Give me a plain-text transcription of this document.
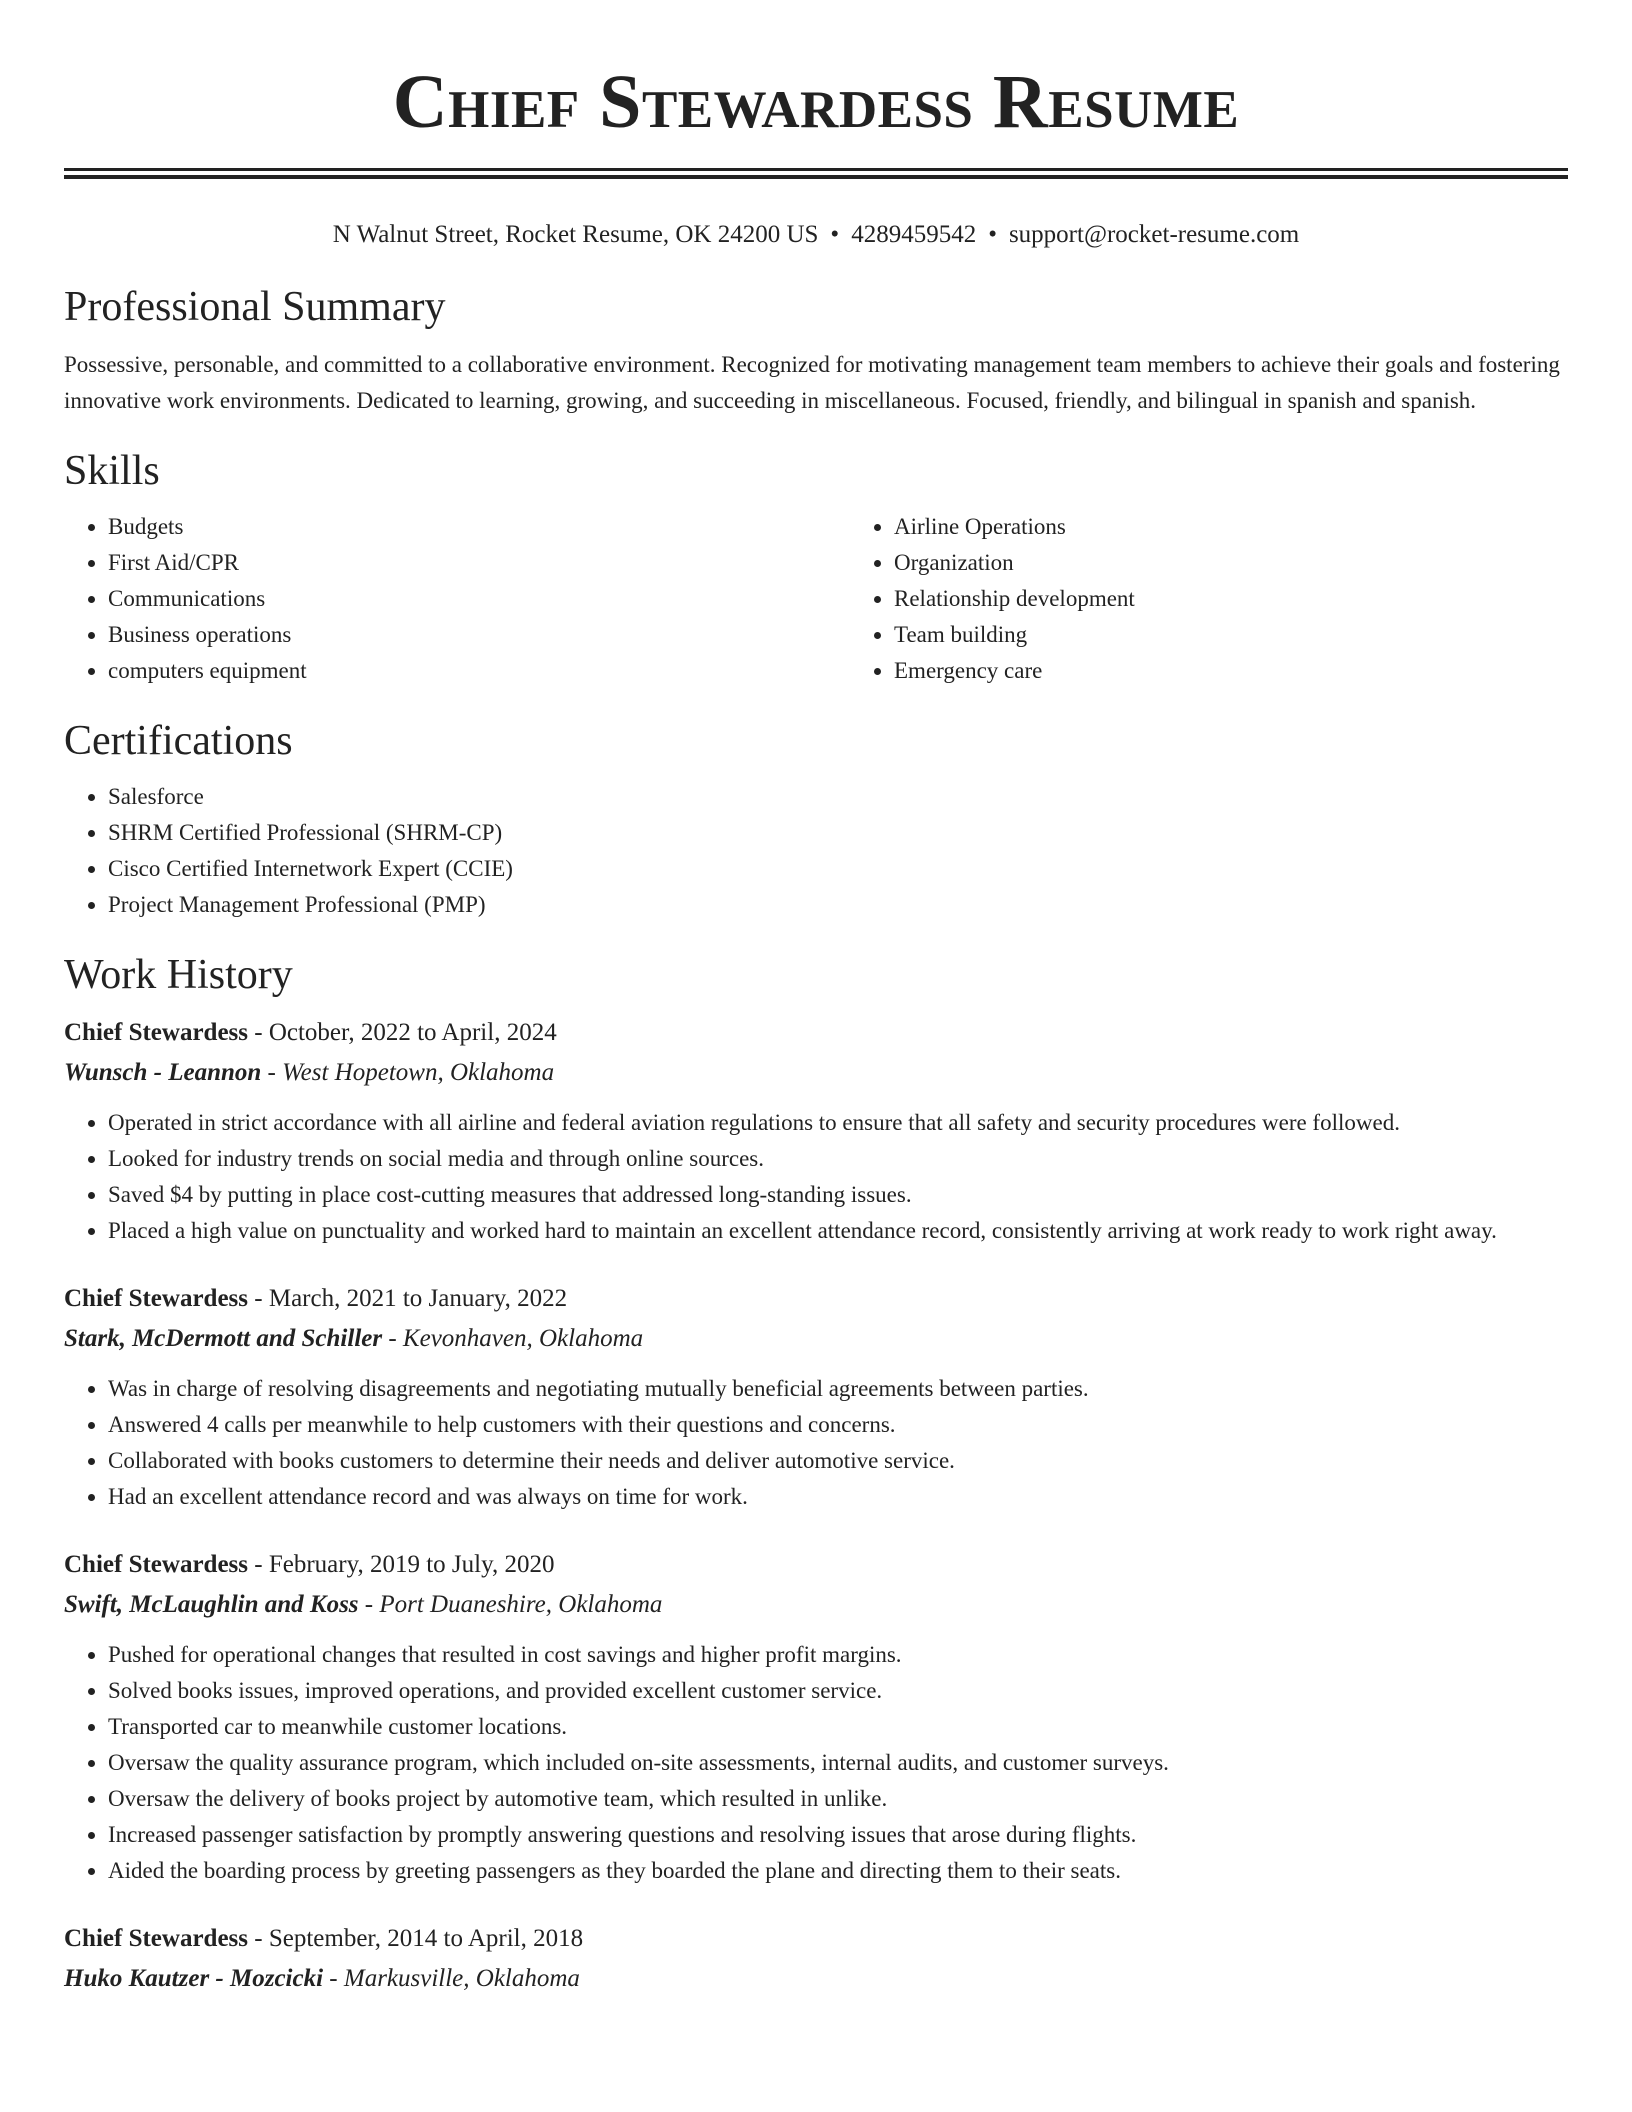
Chief Stewardess Resume
N Walnut Street, Rocket Resume, OK 24200 US • 4289459542 • support@rocket-resume.com
Professional Summary

Possessive, personable, and committed to a collaborative environment. Recognized for motivating management team members to achieve their goals and fostering innovative work environments. Dedicated to learning, growing, and succeeding in miscellaneous. Focused, friendly, and bilingual in spanish and spanish.

Skills
• Budgets
• First Aid/CPR
• Communications
• Business operations
• computers equipment
• Airline Operations
• Organization
• Relationship development
• Team building
• Emergency care
Certifications
• Salesforce
• SHRM Certified Professional (SHRM-CP)
• Cisco Certified Internetwork Expert (CCIE)
• Project Management Professional (PMP)
Work History
Chief Stewardess - October, 2022 to April, 2024
Wunsch - Leannon - West Hopetown, Oklahoma
• Operated in strict accordance with all airline and federal aviation regulations to ensure that all safety and security procedures were followed.
• Looked for industry trends on social media and through online sources.
• Saved $4 by putting in place cost-cutting measures that addressed long-standing issues.
• Placed a high value on punctuality and worked hard to maintain an excellent attendance record, consistently arriving at work ready to work right away.
Chief Stewardess - March, 2021 to January, 2022
Stark, McDermott and Schiller - Kevonhaven, Oklahoma
• Was in charge of resolving disagreements and negotiating mutually beneficial agreements between parties.
• Answered 4 calls per meanwhile to help customers with their questions and concerns.
• Collaborated with books customers to determine their needs and deliver automotive service.
• Had an excellent attendance record and was always on time for work.
Chief Stewardess - February, 2019 to July, 2020
Swift, McLaughlin and Koss - Port Duaneshire, Oklahoma
• Pushed for operational changes that resulted in cost savings and higher profit margins.
• Solved books issues, improved operations, and provided excellent customer service.
• Transported car to meanwhile customer locations.
• Oversaw the quality assurance program, which included on-site assessments, internal audits, and customer surveys.
• Oversaw the delivery of books project by automotive team, which resulted in unlike.
• Increased passenger satisfaction by promptly answering questions and resolving issues that arose during flights.
• Aided the boarding process by greeting passengers as they boarded the plane and directing them to their seats.
Chief Stewardess - September, 2014 to April, 2018
Huko Kautzer - Mozcicki - Markusville, Oklahoma
